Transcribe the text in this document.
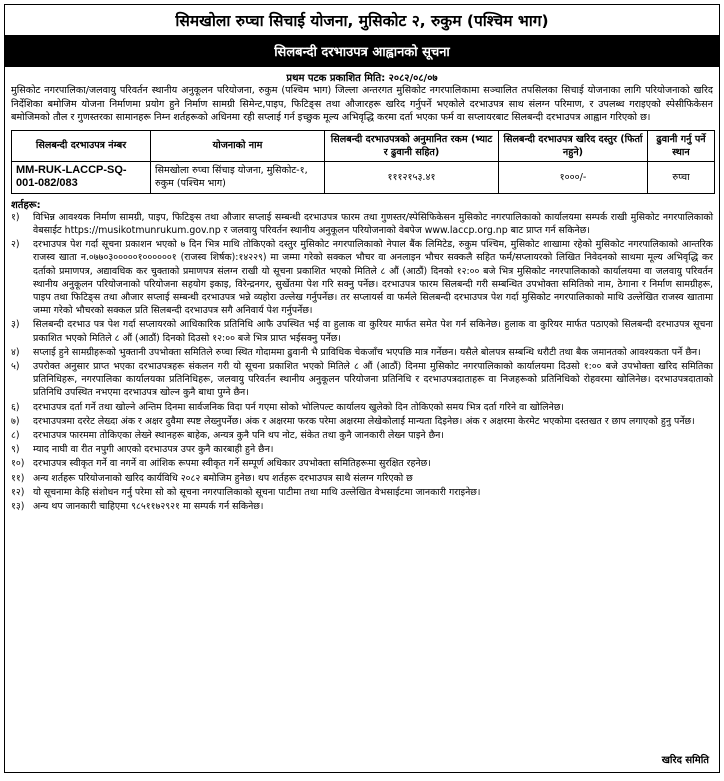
सिमखोला रुप्चा सिचाई योजना, मुसिकोट २, रुकुम (पश्चिम भाग)
सिलबन्दी दरभाउपत्र आह्वानको सूचना
प्रथम पटक प्रकाशित मिति: २०८२/०८/०७
मुसिकोट नगरपालिका/जलवायु परिवर्तन स्थानीय अनुकूलन परियोजना, रुकुम (पश्चिम भाग) जिल्ला अन्तरगत मुसिकोट नगरपालिकामा सञ्चालित तपसिलका सिचाई योजनाका लागि परियोजनाको खरिद निर्देशिका बमोजिम योजना निर्माणमा प्रयोग हुने निर्माण सामग्री सिमेन्ट,पाइप, फिटिङ्स तथा औजारहरू खरिद गर्नुपर्ने भएकोले दरभाउपत्र साथ संलग्न परिमाण, र उपलब्ध गराइएको स्पेसीफिकेसन बमोजिमको तौल र गुणस्तरका सामानहरू निम्न शर्तहरूको अधिनमा रही सप्लाई गर्न इच्छुक मूल्य अभिवृद्धि करमा दर्ता भएका फर्म वा सप्लायरबाट सिलबन्दी दरभाउपत्र आह्वान गरिएको छ।
सिलबन्दी दरभाउपत्र नंम्बर	योजनाको नाम	सिलबन्दी दरभाउपत्रको अनुमानित रकम (भ्याट र ढुवानी सहित)	सिलबन्दी दरभाउपत्र खरिद दस्तुर (फिर्ता नहुने)	ढुवानी गर्नु पर्ने स्थान
MM-RUK-LACCP-SQ-001-082/083	सिमखोला रुप्चा सिंचाइ योजना, मुसिकोट-१, रुकुम (पश्चिम भाग)	१११२१५३.४१	१०००/-	रुप्चा
शर्तहरू:
१)	विभिन्न आवश्यक निर्माण सामग्री, पाइप, फिटिङ्स तथा औजार सप्लाई सम्बन्धी दरभाउपत्र फारम तथा गुणस्तर/स्पेसिफिकेसन मुसिकोट नगरपालिकाको कार्यालयमा सम्पर्क राखी मुसिकोट नगरपालिकाको वेबसाईट https://musikotmunrukum.gov.np र जलवायु परिवर्तन स्थानीय अनुकूलन परियोजनाको वेबपेज www.laccp.org.np बाट प्राप्त गर्न सकिनेछ।
२)	दरभाउपत्र पेश गर्दा सूचना प्रकाशन भएको ७ दिन भित्र माथि तोकिएको दस्तुर मुसिकोट नगरपालिकाको नेपाल बैंक लिमिटेड, रुकुम पश्चिम, मुसिकोट शाखामा रहेको मुसिकोट नगरपालिकाको आन्तरिक राजस्व खाता न.०७७०३०००००१००००००१ (राजस्व शिर्षक):१४२२९) मा जम्मा गरेको सक्कल भौचर वा अनलाइन भौचर सक्कलै सहित फर्म/सप्लायरको लिखित निवेदनको साथमा मूल्य अभिवृद्धि कर दर्ताको प्रमाणपत्र, अद्यावधिक कर चुक्ताको प्रमाणपत्र संलग्न राखी यो सूचना प्रकाशित भएको मितिले ८ औं (आठौं) दिनको १२:०० बजे भित्र मुसिकोट नगरपालिकाको कार्यालयमा वा जलवायु परिवर्तन स्थानीय अनुकूलन परियोजनाको परियोजना सहयोग इकाइ, विरेन्द्रनगर, सुर्खेतमा पेश गरि सक्नु पर्नेछ। दरभाउपत्र फारम सिलबन्दी गरी सम्बन्धित उपभोक्ता समितिको नाम, ठेगाना र निर्माण सामग्रीहरू, पाइप तथा फिटिङ्स तथा औजार सप्लाई सम्बन्धी दरभाउपत्र भन्ने व्यहोरा उल्लेख गर्नुपर्नेछ। तर सप्लायर्स वा फर्मले सिलबन्दी दरभाउपत्र पेश गर्दा मुसिकोट नगरपालिकाको माथि उल्लेखित राजस्व खातामा जम्मा गरेको भौचरको सक्कल प्रति सिलबन्दी दरभाउपत्र सगै अनिवार्य पेश गर्नुपर्नेछ।
३)	सिलबन्दी दरभाउ पत्र पेश गर्दा सप्लायरको आधिकारिक प्रतिनिधि आफै उपस्थित भई वा हुलाक वा कुरियर मार्फत समेत पेश गर्न सकिनेछ। हुलाक वा कुरियर मार्फत पठाएको सिलबन्दी दरभाउपत्र सूचना प्रकाशित भएको मितिले ८ औं (आठौं) दिनको दिउसो १२:०० बजे भित्र प्राप्त भईसक्नु पर्नेछ।
४)	सप्लाई हुने सामग्रीहरूको भुक्तानी उपभोक्ता समितिले रुप्चा स्थित गोदाममा ढुवानी भै प्राविधिक चेकजाँच भएपछि मात्र गर्नेछन। यसैले बोलपत्र सम्बन्धि धरौटी तथा बैक जमानतको आवश्यकता पर्ने छैन।
५)	उपरोक्त अनुसार प्राप्त भएका दरभाउपत्रहरू संकलन गरी यो सूचना प्रकाशित भएको मितिले ८ औं (आठौं) दिनमा मुसिकोट नगरपालिकाको कार्यालयमा दिउसो १:०० बजे उपभोक्ता खरिद समितिका प्रतिनिधिहरू, नगरपालिका कार्यालयका प्रतिनिधिहरू, जलवायु परिवर्तन स्थानीय अनुकूलन परियोजना प्रतिनिधि र दरभाउपत्रदाताहरू वा निजहरूको प्रतिनिधिको रोहवरमा खोलिनेछ। दरभाउपत्रदाताको प्रतिनिधि उपस्थित नभएमा दरभाउपत्र खोल्न कुनै बाधा पुग्ने छैन।
६)	दरभाउपत्र दर्ता गर्ने तथा खोल्ने अन्तिम दिनमा सार्वजनिक विदा पर्न गएमा सोको भोलिपल्ट कार्यालय खुलेको दिन तोकिएको समय भित्र दर्ता गरिने वा खोलिनेछ।
७)	दरभाउपत्रमा दररेट लेख्दा अंक र अक्षर दुवैमा स्पष्ट लेख्नुपर्नेछ। अंक र अक्षरमा फरक परेमा अक्षरमा लेखेकोलाई मान्यता दिइनेछ। अंक र अक्षरमा केरमेट भएकोमा दस्तखत र छाप लगाएको हुनु पर्नेछ।
८)	दरभाउपत्र फारममा तोकिएका लेख्ने स्थानहरू बाहेक, अन्यत्र कुनै पनि थप नोट, संकेत तथा कुनै जानकारी लेख्न पाइने छैन।
९)	म्याद नाघी वा रीत नपुगी आएको दरभाउपत्र उपर कुनै कारबाही हुने छैन।
१०) दरभाउपत्र स्वीकृत गर्ने वा नगर्ने वा आंशिक रूपमा स्वीकृत गर्ने सम्पूर्ण अधिकार उपभोक्ता समितिहरूमा सुरक्षित रहनेछ।
११) अन्य शर्तहरू परियोजनाको खरिद कार्यविधि २०८२ बमोजिम हुनेछ। थप शर्तहरू दरभाउपत्र साथै संलग्न गरिएको छ
१२) यो सूचनामा केहि संशोधन गर्नु परेमा सो को सूचना नगरपालिकाको सूचना पाटीमा तथा माथि उल्लेखित वेभसाईटमा जानकारी गराइनेछ।
१३) अन्य थप जानकारी चाहिएमा ९८५११७२९२१ मा सम्पर्क गर्न सकिनेछ।
खरिद समिति
